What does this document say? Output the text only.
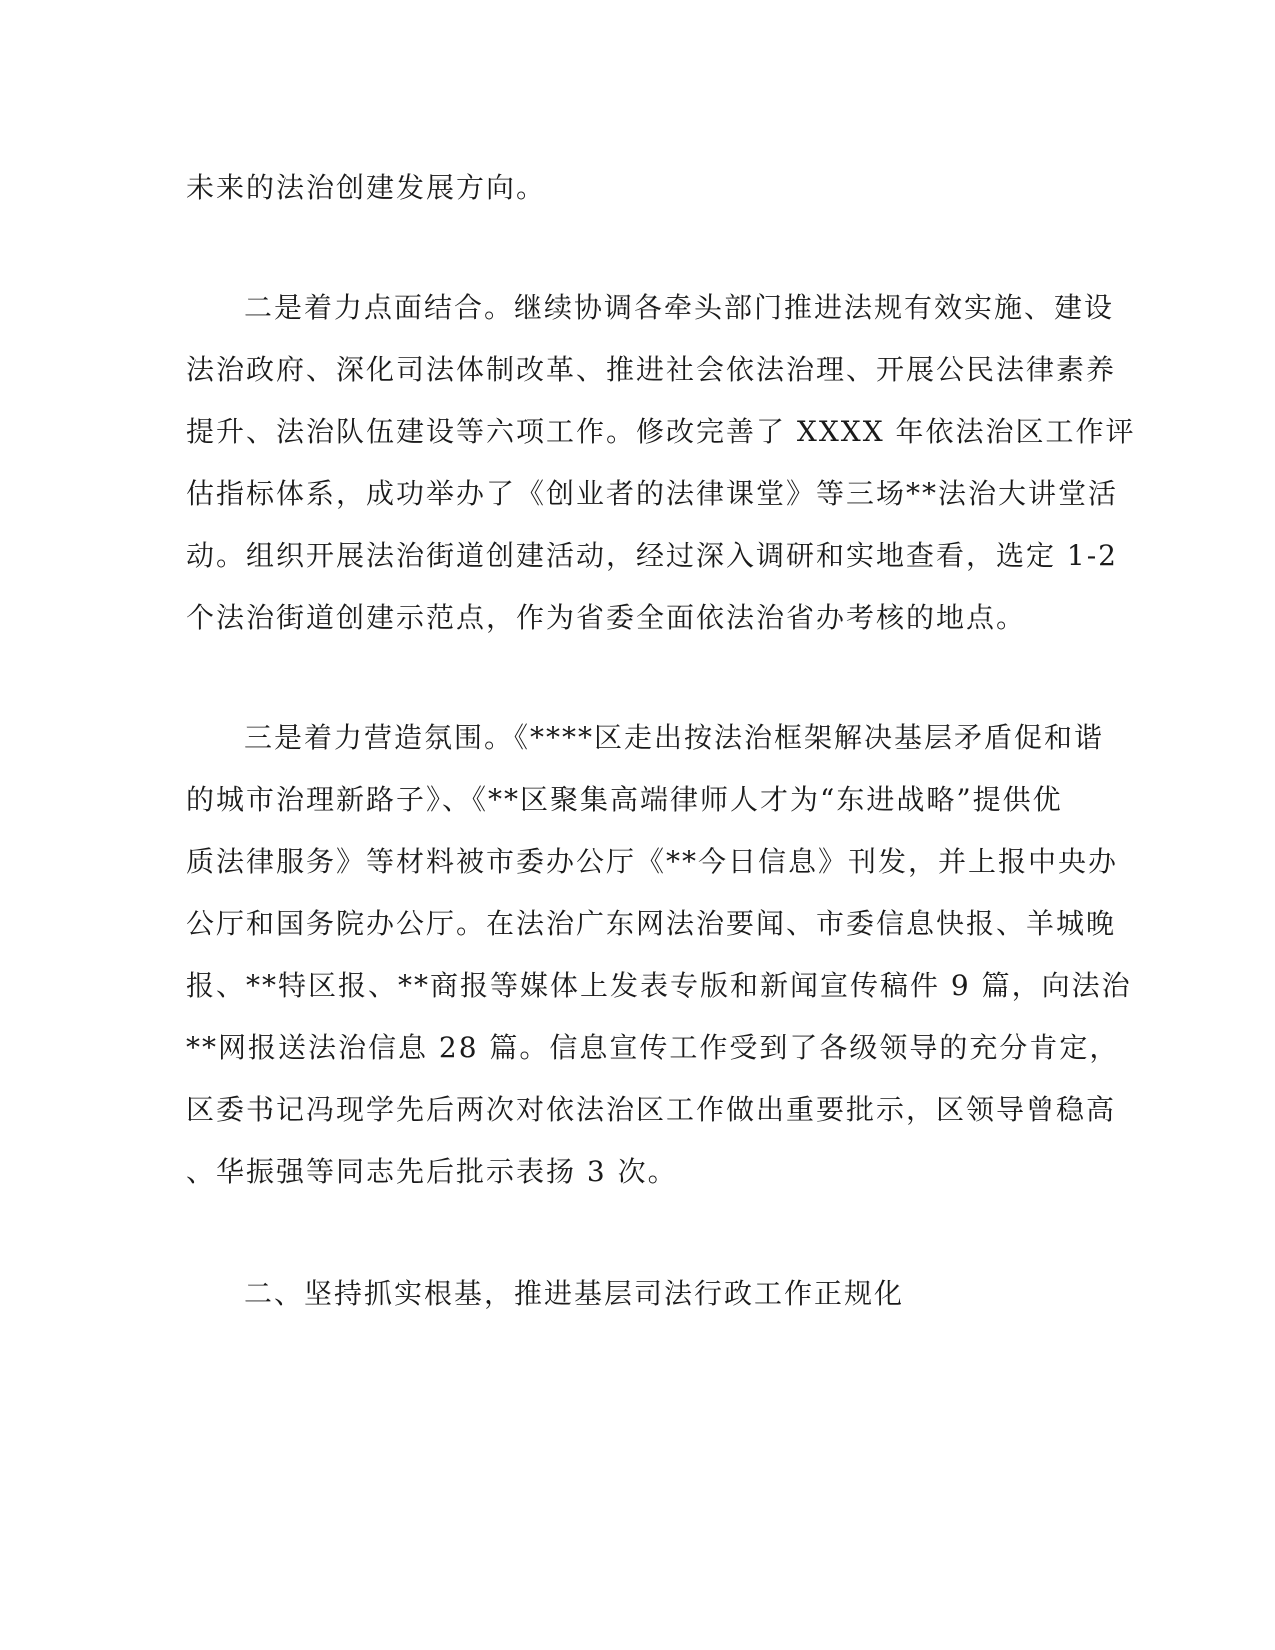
未来的法治创建发展方向。
二是着力点面结合。继续协调各牵头部门推进法规有效实施、建设
法治政府、深化司法体制改革、推进社会依法治理、开展公民法律素养
提升、法治队伍建设等六项工作。修改完善了 XXXX 年依法治区工作评
估指标体系，成功举办了《创业者的法律课堂》等三场**法治大讲堂活
动。组织开展法治街道创建活动，经过深入调研和实地查看，选定 1-2
个法治街道创建示范点，作为省委全面依法治省办考核的地点。
三是着力营造氛围。《****区走出按法治框架解决基层矛盾促和谐
的城市治理新路子》、《**区聚集高端律师人才为“东进战略”提供优
质法律服务》等材料被市委办公厅《**今日信息》刊发，并上报中央办
公厅和国务院办公厅。在法治广东网法治要闻、市委信息快报、羊城晚
报、**特区报、**商报等媒体上发表专版和新闻宣传稿件 9 篇，向法治
**网报送法治信息 28 篇。信息宣传工作受到了各级领导的充分肯定，
区委书记冯现学先后两次对依法治区工作做出重要批示，区领导曾稳高
、华振强等同志先后批示表扬 3 次。
二、坚持抓实根基，推进基层司法行政工作正规化
